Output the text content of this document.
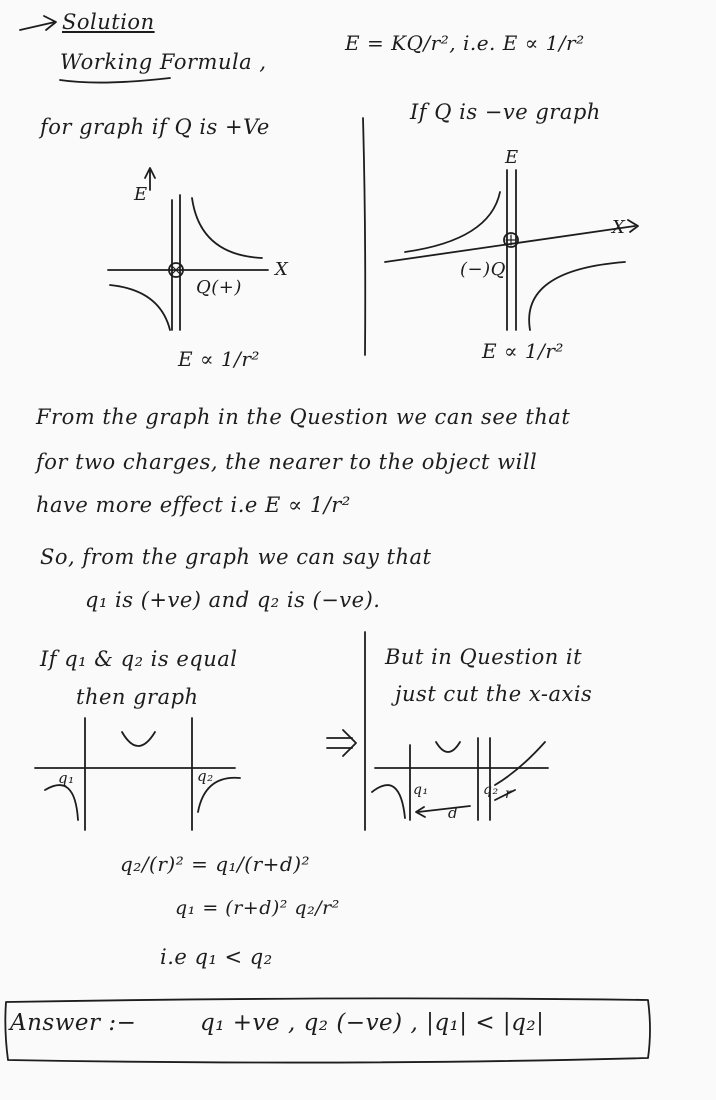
Solution
Working Formula ,
E = KQ/r², i.e. E ∝ 1/r²
for graph if Q is +Ve
If Q is −ve graph
E
Q(+)
X
E ∝ 1/r²
E
X
(−)Q
E ∝ 1/r²
From the graph in the Question we can see that
for two charges, the nearer to the object will
have more effect i.e E ∝ 1/r²
So, from the graph we can say that
q₁ is (+ve) and q₂ is (−ve).
If q₁ & q₂ is equal
then graph
But in Question it
just cut the x-axis
q₁	q₂
q₁	q₂
d
r
q₂/(r)² = q₁/(r+d)²
q₁ = (r+d)² q₂/r²
i.e q₁ < q₂
Answer :−	q₁ +ve , q₂ (−ve) , |q₁| < |q₂|
